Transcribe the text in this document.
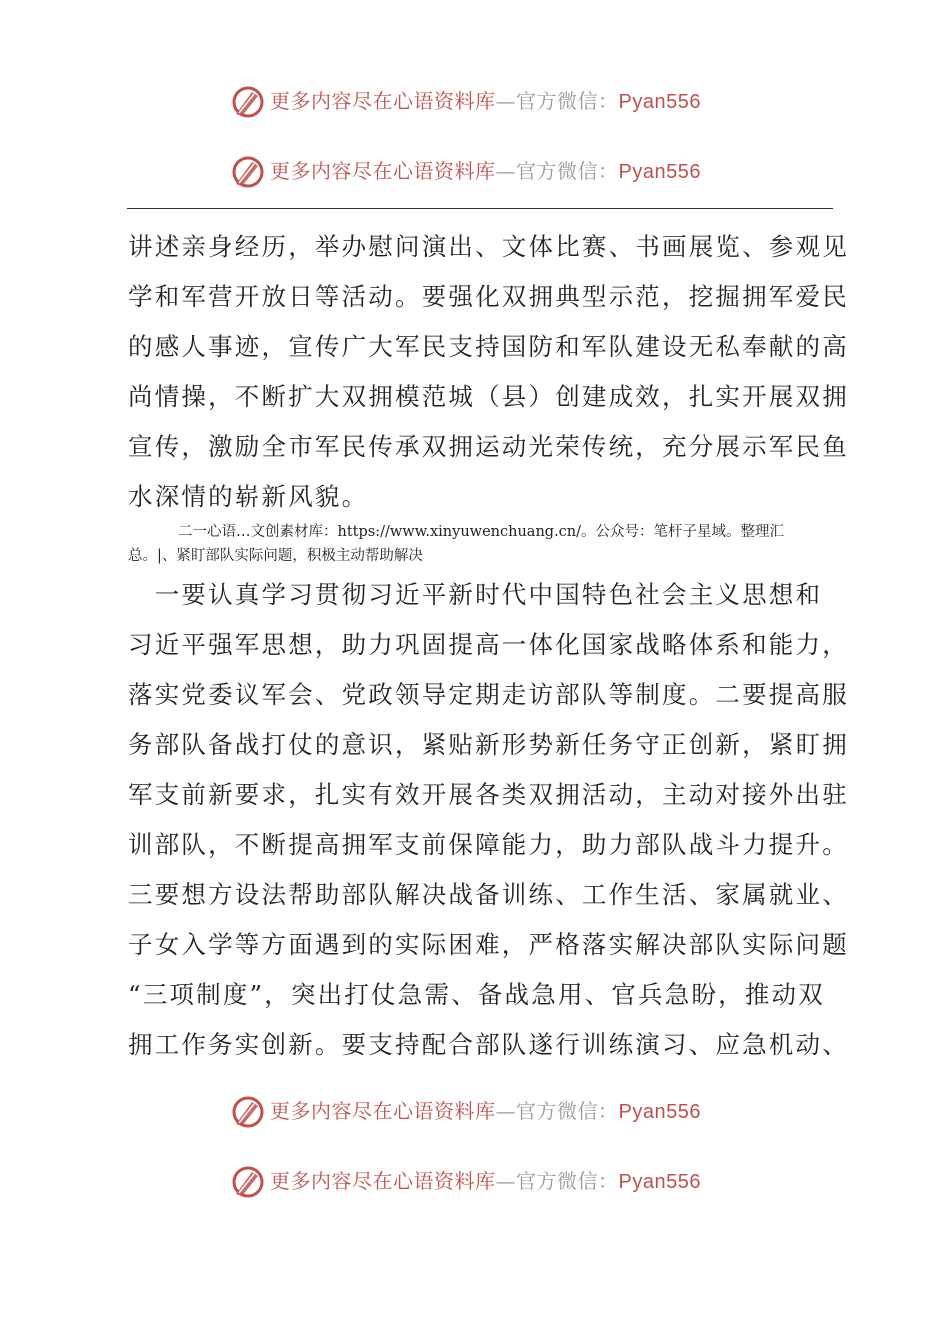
更多内容尽在心语资料库—官方微信：Pyan556
更多内容尽在心语资料库—官方微信：Pyan556
讲述亲身经历，举办慰问演出、文体比赛、书画展览、参观见
学和军营开放日等活动。要强化双拥典型示范，挖掘拥军爱民
的感人事迹，宣传广大军民支持国防和军队建设无私奉献的高
尚情操，不断扩大双拥模范城（县）创建成效，扎实开展双拥
宣传，激励全市军民传承双拥运动光荣传统，充分展示军民鱼
水深情的崭新风貌。
二一心语…文创素材库：https://www.xinyuwenchuang.cn/。公众号：笔杆子星域。整理汇
总。|、紧盯部队实际问题，积极主动帮助解决
　一要认真学习贯彻习近平新时代中国特色社会主义思想和
习近平强军思想，助力巩固提高一体化国家战略体系和能力，
落实党委议军会、党政领导定期走访部队等制度。二要提高服
务部队备战打仗的意识，紧贴新形势新任务守正创新，紧盯拥
军支前新要求，扎实有效开展各类双拥活动，主动对接外出驻
训部队，不断提高拥军支前保障能力，助力部队战斗力提升。
三要想方设法帮助部队解决战备训练、工作生活、家属就业、
子女入学等方面遇到的实际困难，严格落实解决部队实际问题
“三项制度”，突出打仗急需、备战急用、官兵急盼，推动双
拥工作务实创新。要支持配合部队遂行训练演习、应急机动、
更多内容尽在心语资料库—官方微信：Pyan556
更多内容尽在心语资料库—官方微信：Pyan556
